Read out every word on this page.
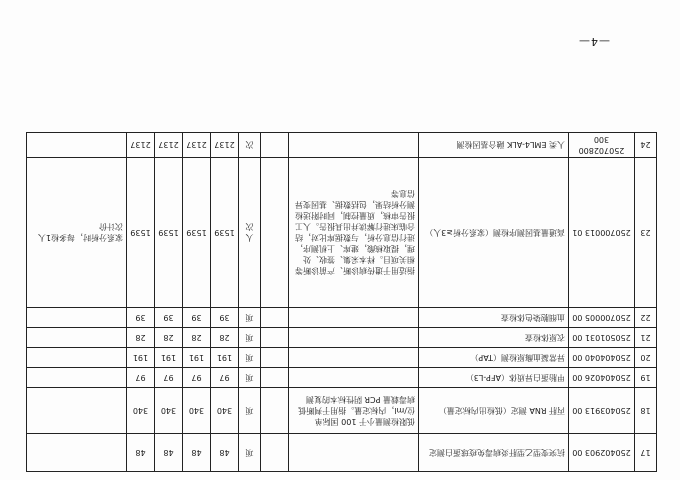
17	250402903 00	抗突变型乙型肝炎病毒免疫球蛋白测定			项	48	48	48	48	
18	250403913 00	丙肝 RNA 测定（低检出内标定量）	低限检测量小于 100 国际单位/ml，内标定量。指用于判断低病毒载量 PCR 阴性标本的复测		项	340	340	340	340	
19	250404026 00	甲胎蛋白异质体（AFP-L3）			项	97	97	97	97	
20	250404040 00	异常凝血酶原检测（TAP）			项	191	191	191	191	
21	250501031 00	衣原体检查			项	28	28	28	28	
22	250700005 00	血细胞染色体检查			项	39	39	39	39	
23	250700013 01	高通量基因测序检测（家系分析≥3人）	指适用于遗传病诊断、产前诊断等相关项目。样本采集、签收、处理，提取核酸，建库、上机测序，进行信息分析，与数据库比对，结合临床进行解读并出具报告。人工报告审核，质量控制，同时附送检测分析结果，包括数据、基因变异信息等		人次	1539	1539	1539	1539	家系分析时，每多检1人次计价
24	250702800 300	人类 EML4-ALK 融合基因检测			次	2137	2137	2137	2137	
—4—
